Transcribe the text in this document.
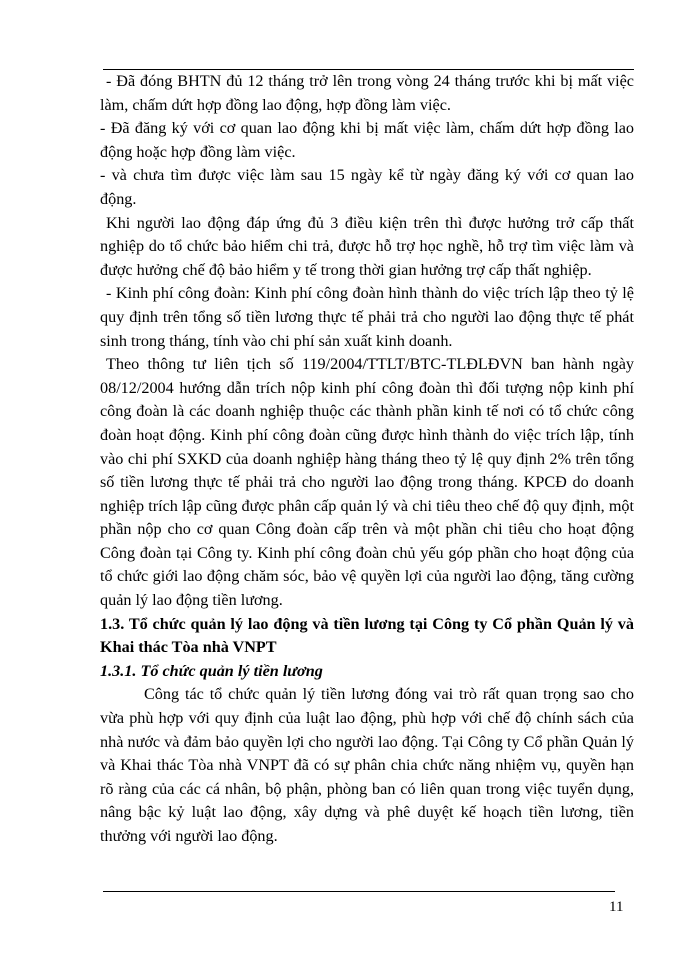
- Đã đóng BHTN đủ 12 tháng trở lên trong vòng 24 tháng trước khi bị mất việc làm, chấm dứt hợp đồng lao động, hợp đồng làm việc.

- Đã đăng ký với cơ quan lao động khi bị mất việc làm, chấm dứt hợp đồng lao động hoặc hợp đồng làm việc.

- và chưa tìm được việc làm sau 15 ngày kể từ ngày đăng ký với cơ quan lao động.

Khi người lao động đáp ứng đủ 3 điều kiện trên thì được hưởng trở cấp thất nghiệp do tổ chức bảo hiểm chi trả, được hỗ trợ học nghề, hỗ trợ tìm việc làm và được hưởng chế độ bảo hiểm y tế trong thời gian hưởng trợ cấp thất nghiệp.

- Kinh phí công đoàn: Kinh phí công đoàn hình thành do việc trích lập theo tỷ lệ quy định trên tổng số tiền lương thực tế phải trả cho người lao động thực tế phát sinh trong tháng, tính vào chi phí sản xuất kinh doanh.

Theo thông tư liên tịch số 119/2004/TTLT/BTC-TLĐLĐVN ban hành ngày 08/12/2004 hướng dẫn trích nộp kinh phí công đoàn thì đối tượng nộp kinh phí công đoàn là các doanh nghiệp thuộc các thành phần kinh tế nơi có tổ chức công đoàn hoạt động. Kinh phí công đoàn cũng được hình thành do việc trích lập, tính vào chi phí SXKD của doanh nghiệp hàng tháng theo tỷ lệ quy định 2% trên tổng số tiền lương thực tế phải trả cho người lao động trong tháng. KPCĐ do doanh nghiệp trích lập cũng được phân cấp quản lý và chi tiêu theo chế độ quy định, một phần nộp cho cơ quan Công đoàn cấp trên và một phần chi tiêu cho hoạt động Công đoàn tại Công ty. Kinh phí công đoàn chủ yếu góp phần cho hoạt động của tổ chức giới lao động chăm sóc, bảo vệ quyền lợi của người lao động, tăng cường quản lý lao động tiền lương.

1.3. Tổ chức quản lý lao động và tiền lương tại Công ty Cổ phần Quản lý và Khai thác Tòa nhà VNPT

1.3.1. Tổ chức quản lý tiền lương

Công tác tổ chức quản lý tiền lương đóng vai trò rất quan trọng sao cho vừa phù hợp với quy định của luật lao động, phù hợp với chế độ chính sách của nhà nước và đảm bảo quyền lợi cho người lao động. Tại Công ty Cổ phần Quản lý và Khai thác Tòa nhà VNPT đã có sự phân chia chức năng nhiệm vụ, quyền hạn rõ ràng của các cá nhân, bộ phận, phòng ban có liên quan trong việc tuyển dụng, nâng bậc kỷ luật lao động, xây dựng và phê duyệt kế hoạch tiền lương, tiền thưởng với người lao động.

11
